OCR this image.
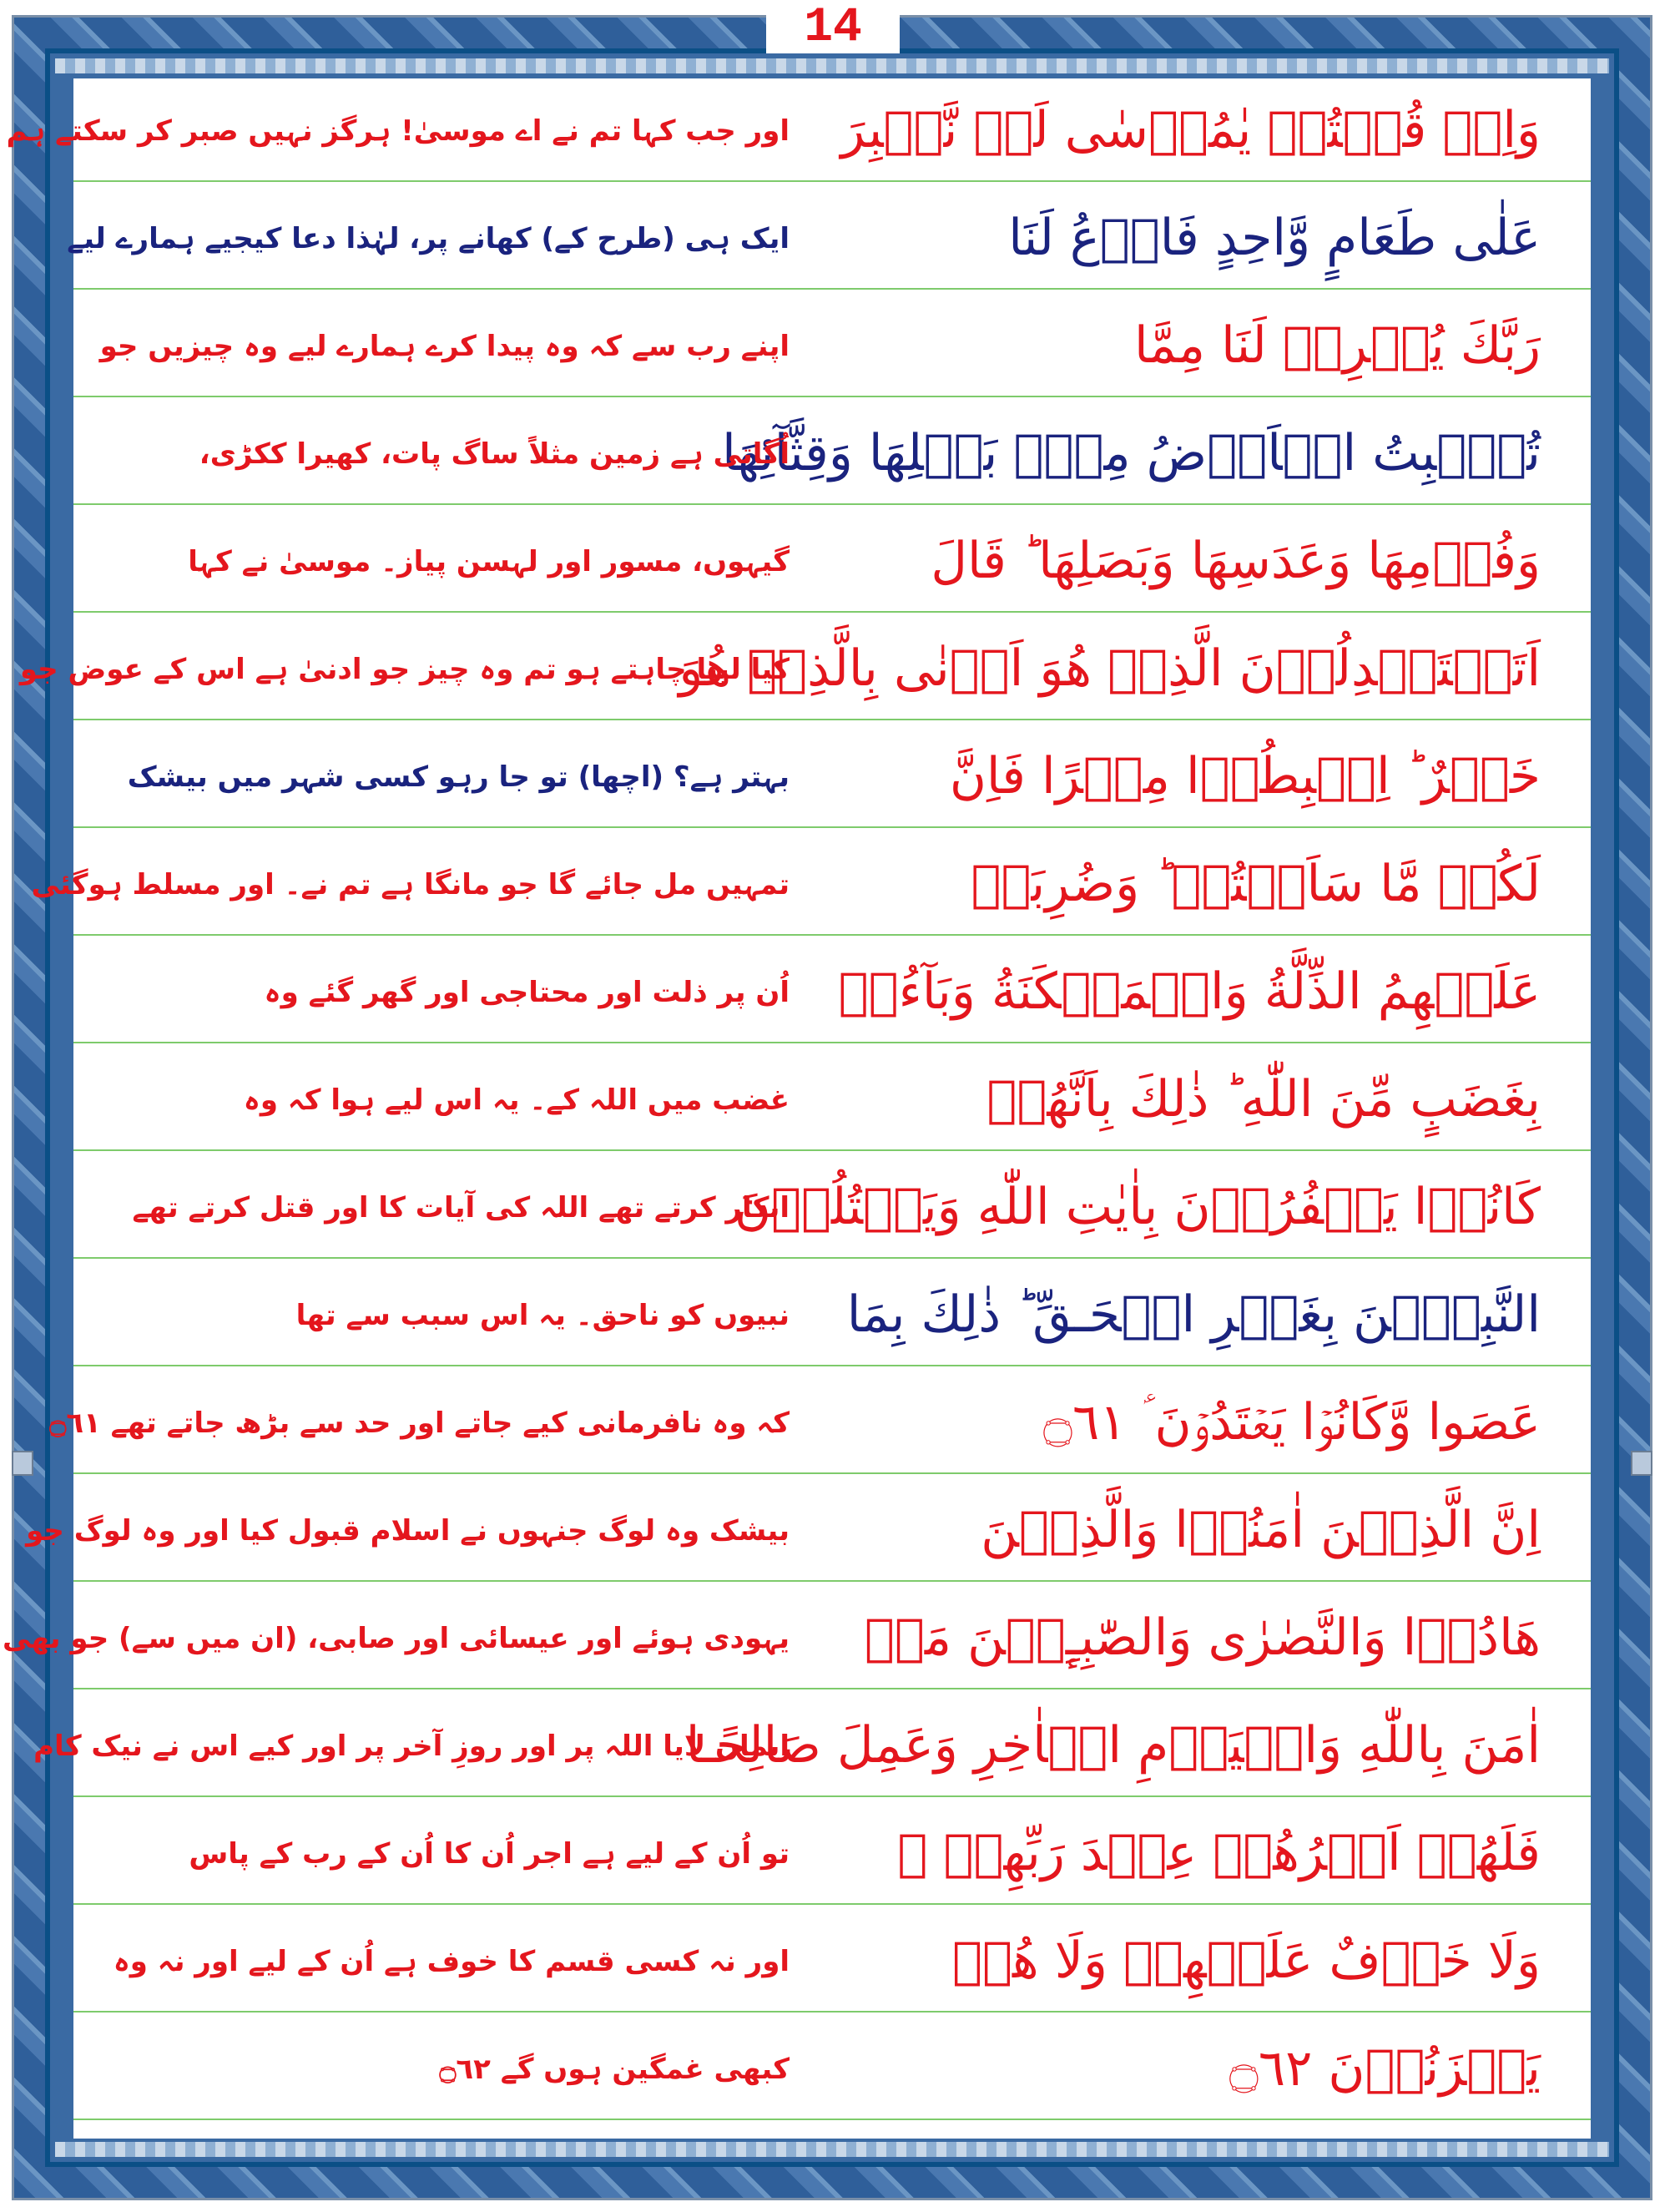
14
وَاِذۡ قُلۡتُمۡ يٰمُوۡسٰى لَنۡ نَّصۡبِرَ
اور جب کہا تم نے اے موسیٰ! ہرگز نہیں صبر کر سکتے ہم
عَلٰى طَعَامٍ وَّاحِدٍ فَادۡعُ لَنَا
ایک ہی (طرح کے) کھانے پر، لہٰذا دعا کیجیے ہمارے لیے
رَبَّكَ يُخۡرِجۡ لَنَا مِمَّا
اپنے رب سے کہ وہ پیدا کرے ہمارے لیے وہ چیزیں جو
تُنۡۢبِتُ الۡاَرۡضُ مِنۡۢ بَقۡلِهَا وَقِثَّآئِهَا
اُگاتی ہے زمین مثلاً ساگ پات، کھیرا ککڑی،
وَفُوۡمِهَا وَعَدَسِهَا وَبَصَلِهَا ؕ قَالَ
گیہوں، مسور اور لہسن پیاز۔ موسیٰ نے کہا
اَتَسۡتَبۡدِلُوۡنَ الَّذِىۡ هُوَ اَدۡنٰى بِالَّذِىۡ هُوَ
کیا لینا چاہتے ہو تم وہ چیز جو ادنیٰ ہے اس کے عوض جو
خَيۡرٌ ؕ اِهۡبِطُوۡا مِصۡرًا فَاِنَّ
بہتر ہے؟ (اچھا) تو جا رہو کسی شہر میں بیشک
لَكُمۡ مَّا سَاَلۡتُمۡ ؕ وَضُرِبَتۡ
تمہیں مل جائے گا جو مانگا ہے تم نے۔ اور مسلط ہوگئی
عَلَيۡهِمُ الذِّلَّةُ وَالۡمَسۡکَنَةُ وَبَآءُوۡ
اُن پر ذلت اور محتاجی اور گھر گئے وہ
بِغَضَبٍ مِّنَ اللّٰهِ ؕ ذٰلِكَ بِاَنَّهُمۡ
غضب میں اللہ کے۔ یہ اس لیے ہوا کہ وہ
كَانُوۡا يَكۡفُرُوۡنَ بِاٰيٰتِ اللّٰهِ وَيَقۡتُلُوۡنَ
انکار کرتے تھے اللہ کی آیات کا اور قتل کرتے تھے
النَّبِيّٖنَ بِغَيۡرِ الۡحَـقِّ ؕ ذٰلِكَ بِمَا
نبیوں کو ناحق۔ یہ اس سبب سے تھا
عَصَوا وَّكَانُوۡا يَعۡتَدُوۡنَ ؑ ۝٦١
کہ وہ نافرمانی کیے جاتے اور حد سے بڑھ جاتے تھے ۝٦١
اِنَّ الَّذِيۡنَ اٰمَنُوۡا وَالَّذِيۡنَ
بیشک وہ لوگ جنہوں نے اسلام قبول کیا اور وہ لوگ جو
هَادُوۡا وَالنَّصٰرٰى وَالصّٰبِـِٕيۡنَ مَنۡ
یہودی ہوئے اور عیسائی اور صابی، (ان میں سے) جو بھی
اٰمَنَ بِاللّٰهِ وَالۡيَوۡمِ الۡاٰخِرِ وَعَمِلَ صَالِحًـا
ایمان لایا اللہ پر اور روزِ آخر پر اور کیے اس نے نیک کام
فَلَهُمۡ اَجۡرُهُمۡ عِنۡدَ رَبِّهِمۡ ۚ
تو اُن کے لیے ہے اجر اُن کا اُن کے رب کے پاس
وَلَا خَوۡفٌ عَلَيۡهِمۡ وَلَا هُمۡ
اور نہ کسی قسم کا خوف ہے اُن کے لیے اور نہ وہ
يَحۡزَنُوۡنَ ۝٦٢
کبھی غمگین ہوں گے ۝٦٢
